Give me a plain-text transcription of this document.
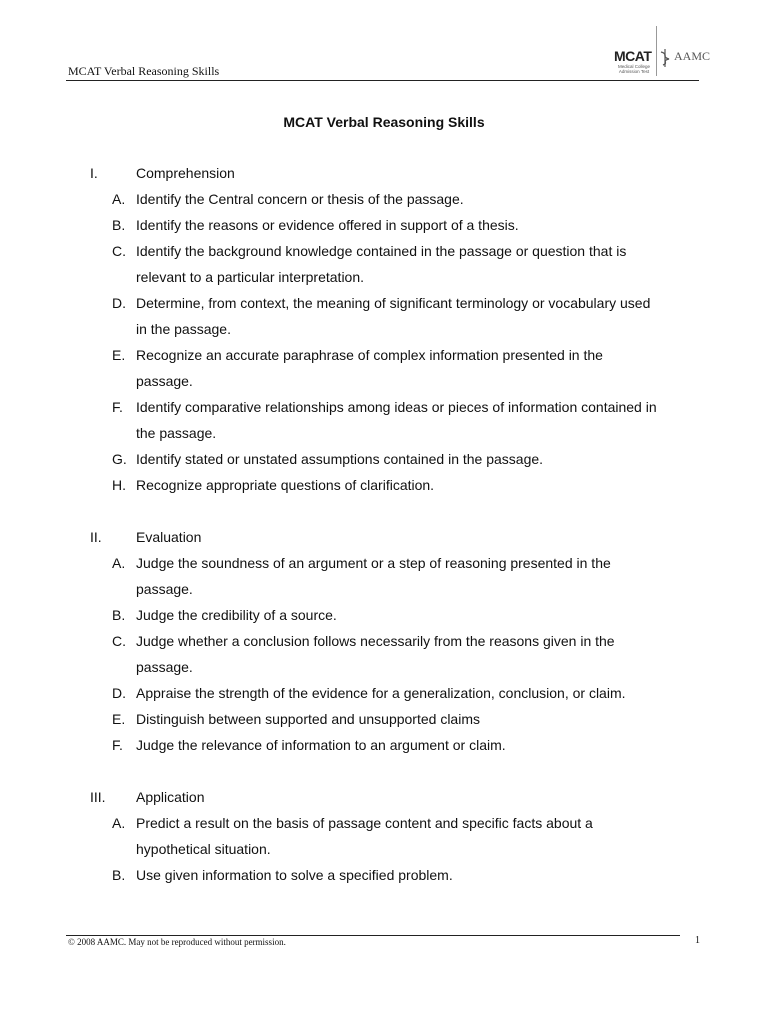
MCAT Verbal Reasoning Skills
MCAT
Medical College Admission Test
AAMC
MCAT Verbal Reasoning Skills
I.	Comprehension
A. Identify the Central concern or thesis of the passage.
B. Identify the reasons or evidence offered in support of a thesis.
C. Identify the background knowledge contained in the passage or question that is
relevant to a particular interpretation.
D. Determine, from context, the meaning of significant terminology or vocabulary used
in the passage.
E. Recognize an accurate paraphrase of complex information presented in the
passage.
F. Identify comparative relationships among ideas or pieces of information contained in
the passage.
G. Identify stated or unstated assumptions contained in the passage.
H. Recognize appropriate questions of clarification.
II. Evaluation
A. Judge the soundness of an argument or a step of reasoning presented in the
passage.
B. Judge the credibility of a source.
C. Judge whether a conclusion follows necessarily from the reasons given in the
passage.
D. Appraise the strength of the evidence for a generalization, conclusion, or claim.
E. Distinguish between supported and unsupported claims
F. Judge the relevance of information to an argument or claim.
III. Application
A. Predict a result on the basis of passage content and specific facts about a
hypothetical situation.
B. Use given information to solve a specified problem.
© 2008 AAMC. May not be reproduced without permission.	1
